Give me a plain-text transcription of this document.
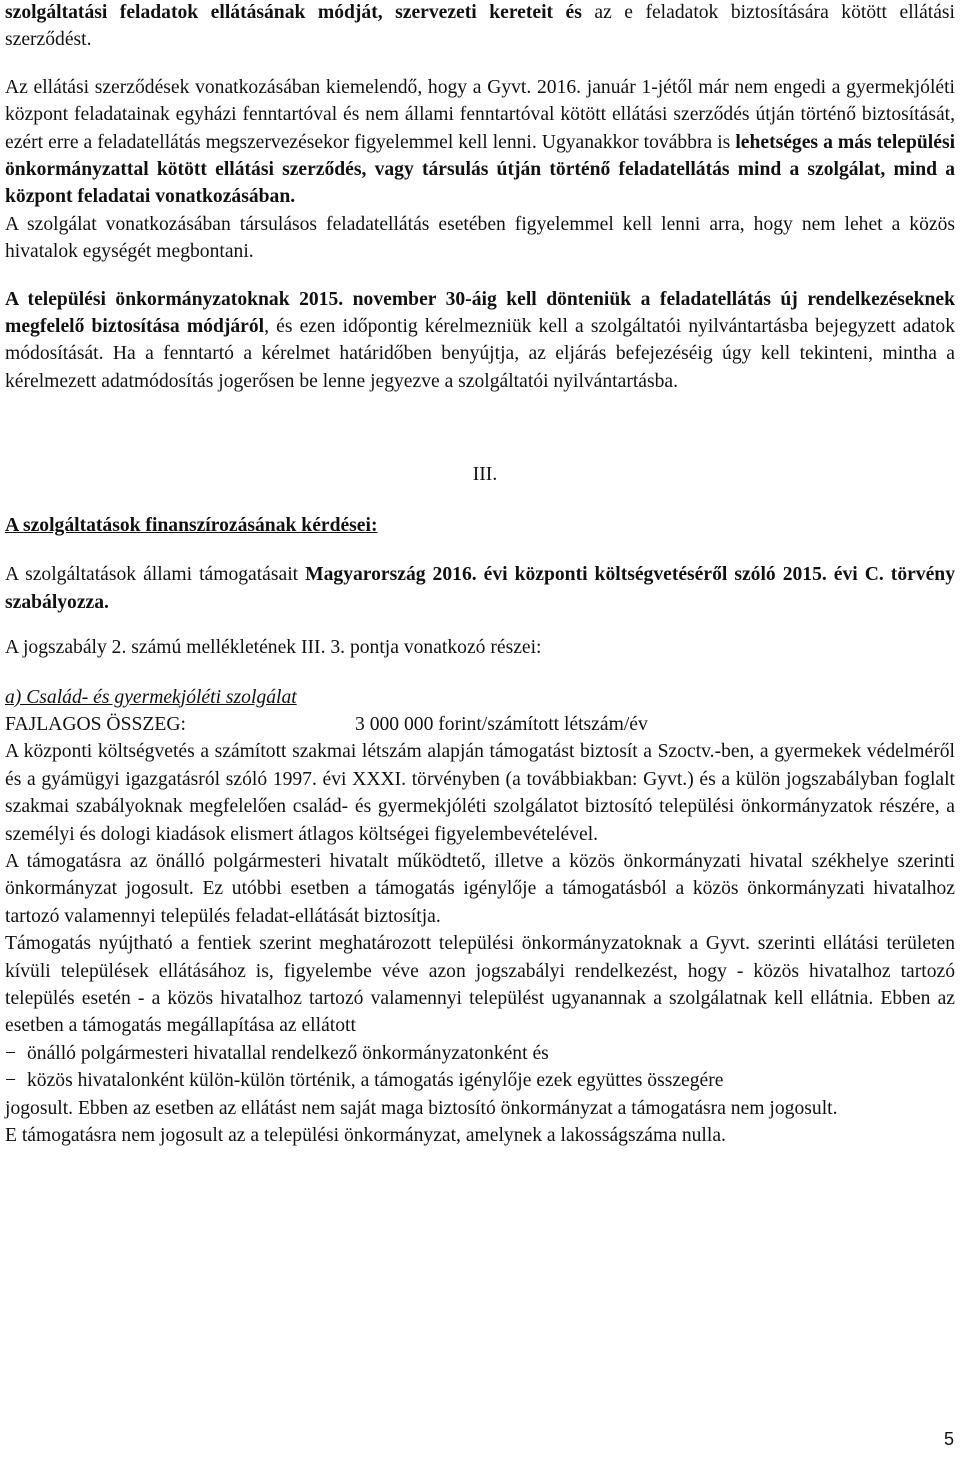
szolgáltatási feladatok ellátásának módját, szervezeti kereteit és az e feladatok biztosítására kötött ellátási szerződést.

Az ellátási szerződések vonatkozásában kiemelendő, hogy a Gyvt. 2016. január 1-jétől már nem engedi a gyermekjóléti központ feladatainak egyházi fenntartóval és nem állami fenntartóval kötött ellátási szerződés útján történő biztosítását, ezért erre a feladatellátás megszervezésekor figyelemmel kell lenni. Ugyanakkor továbbra is lehetséges a más települési önkormányzattal kötött ellátási szerződés, vagy társulás útján történő feladatellátás mind a szolgálat, mind a központ feladatai vonatkozásában.

A szolgálat vonatkozásában társulásos feladatellátás esetében figyelemmel kell lenni arra, hogy nem lehet a közös hivatalok egységét megbontani.

A települési önkormányzatoknak 2015. november 30-áig kell dönteniük a feladatellátás új rendelkezéseknek megfelelő biztosítása módjáról, és ezen időpontig kérelmezniük kell a szolgáltatói nyilvántartásba bejegyzett adatok módosítását. Ha a fenntartó a kérelmet határidőben benyújtja, az eljárás befejezéséig úgy kell tekinteni, mintha a kérelmezett adatmódosítás jogerősen be lenne jegyezve a szolgáltatói nyilvántartásba.

III.

A szolgáltatások finanszírozásának kérdései:

A szolgáltatások állami támogatásait Magyarország 2016. évi központi költségvetéséről szóló 2015. évi C. törvény szabályozza.

A jogszabály 2. számú mellékletének III. 3. pontja vonatkozó részei:

a) Család- és gyermekjóléti szolgálat

FAJLAGOS ÖSSZEG:	3 000 000 forint/számított létszám/év

A központi költségvetés a számított szakmai létszám alapján támogatást biztosít a Szoctv.-ben, a gyermekek védelméről és a gyámügyi igazgatásról szóló 1997. évi XXXI. törvényben (a továbbiakban: Gyvt.) és a külön jogszabályban foglalt szakmai szabályoknak megfelelően család- és gyermekjóléti szolgálatot biztosító települési önkormányzatok részére, a személyi és dologi kiadások elismert átlagos költségei figyelembevételével.

A támogatásra az önálló polgármesteri hivatalt működtető, illetve a közös önkormányzati hivatal székhelye szerinti önkormányzat jogosult. Ez utóbbi esetben a támogatás igénylője a támogatásból a közös önkormányzati hivatalhoz tartozó valamennyi település feladat-ellátását biztosítja.

Támogatás nyújtható a fentiek szerint meghatározott települési önkormányzatoknak a Gyvt. szerinti ellátási területen kívüli települések ellátásához is, figyelembe véve azon jogszabályi rendelkezést, hogy - közös hivatalhoz tartozó település esetén - a közös hivatalhoz tartozó valamennyi települést ugyanannak a szolgálatnak kell ellátnia. Ebben az esetben a támogatás megállapítása az ellátott

− önálló polgármesteri hivatallal rendelkező önkormányzatonként és
− közös hivatalonként külön-külön történik, a támogatás igénylője ezek együttes összegére

jogosult. Ebben az esetben az ellátást nem saját maga biztosító önkormányzat a támogatásra nem jogosult.

E támogatásra nem jogosult az a települési önkormányzat, amelynek a lakosságszáma nulla.

5
